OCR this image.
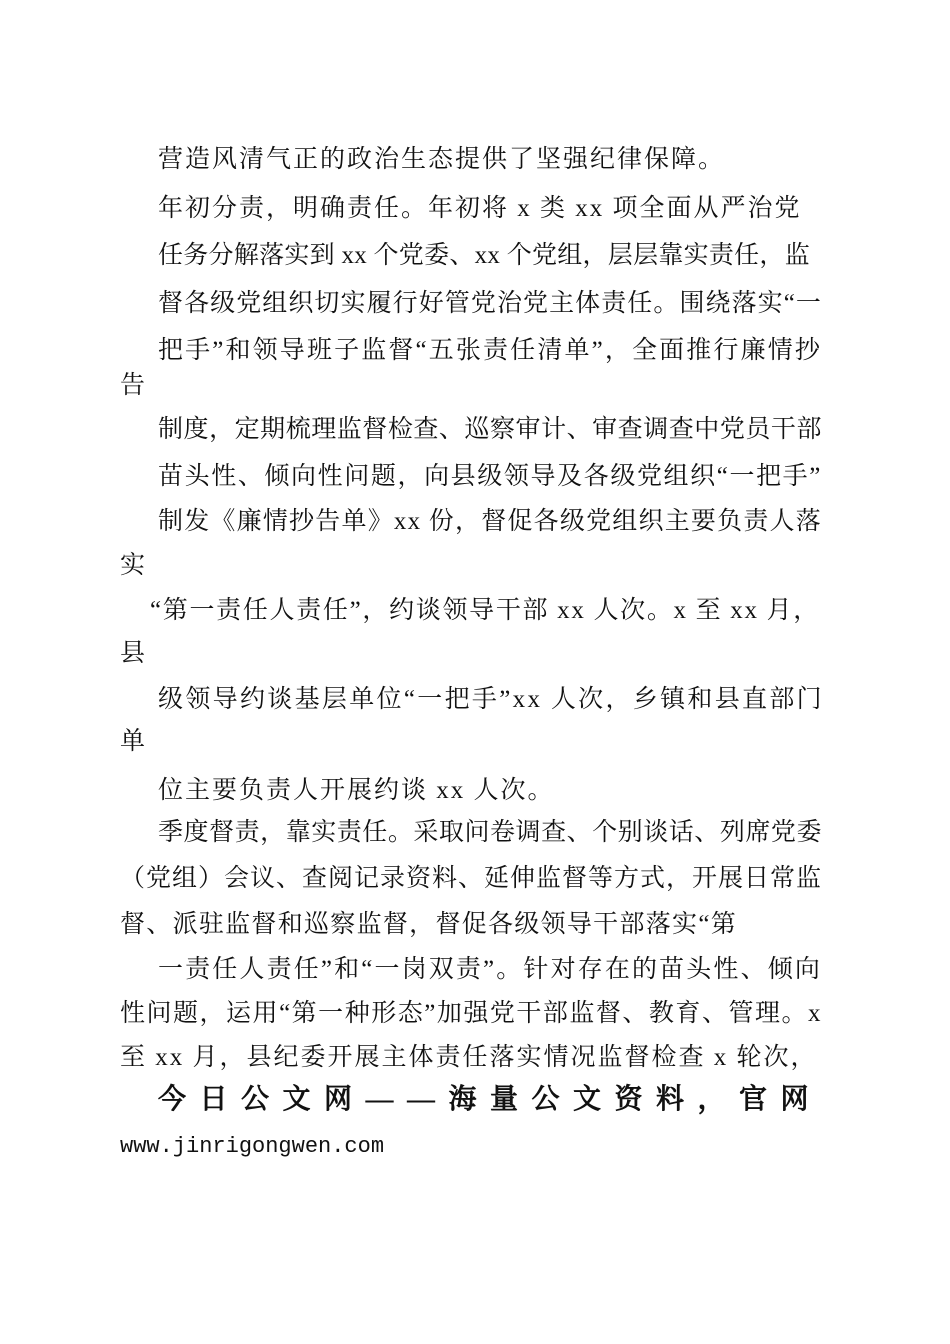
营造风清气正的政治生态提供了坚强纪律保障。
年初分责，明确责任。年初将 x 类 xx 项全面从严治党
任务分解落实到 xx 个党委、xx 个党组，层层靠实责任，监
督各级党组织切实履行好管党治党主体责任。围绕落实“一
把手”和领导班子监督“五张责任清单”，全面推行廉情抄
告
制度，定期梳理监督检查、巡察审计、审查调查中党员干部
苗头性、倾向性问题，向县级领导及各级党组织“一把手”
制发《廉情抄告单》xx 份，督促各级党组织主要负责人落
实
“第一责任人责任”，约谈领导干部 xx 人次。x 至 xx 月，
县
级领导约谈基层单位“一把手”xx 人次，乡镇和县直部门
单
位主要负责人开展约谈 xx 人次。
季度督责，靠实责任。采取问卷调查、个别谈话、列席党委
（党组）会议、查阅记录资料、延伸监督等方式，开展日常监
督、派驻监督和巡察监督，督促各级领导干部落实“第
一责任人责任”和“一岗双责”。针对存在的苗头性、倾向
性问题，运用“第一种形态”加强党干部监督、教育、管理。x
至 xx 月，县纪委开展主体责任落实情况监督检查 x 轮次，
今日公文网——海量公文资料，官网
www.jinrigongwen.com
